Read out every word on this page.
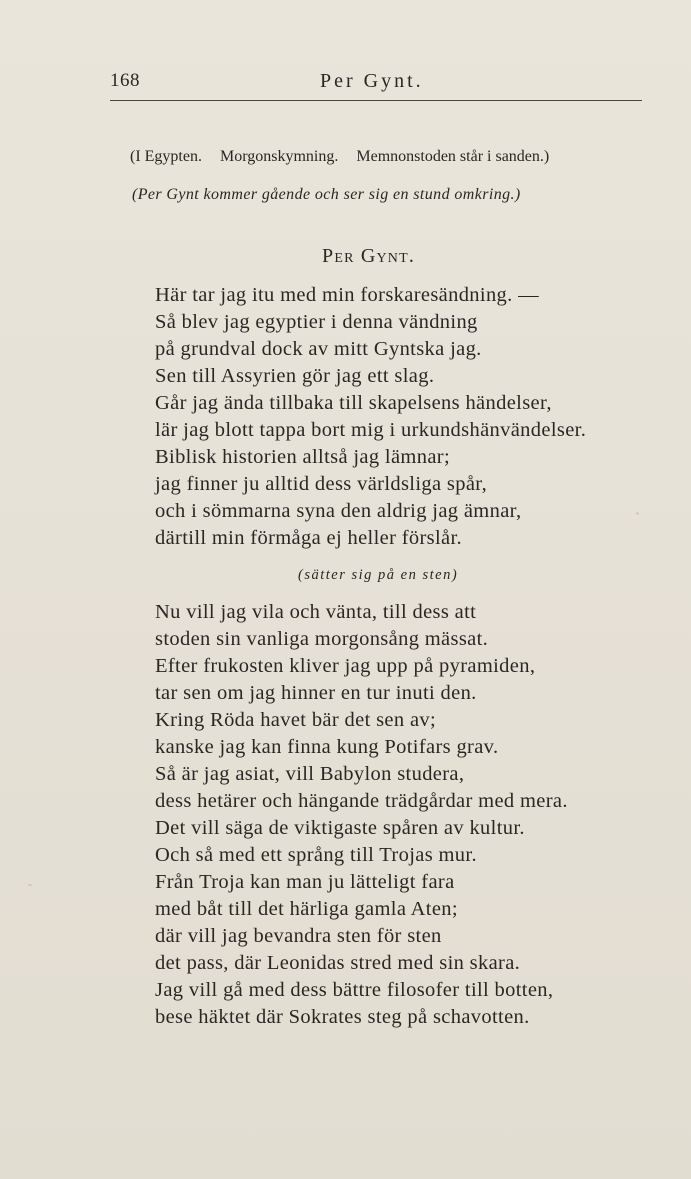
168	Per Gynt.
(I Egypten. Morgonskymning. Memnonstoden står i sanden.)
(Per Gynt kommer gående och ser sig en stund omkring.)
Per Gynt.
Här tar jag itu med min forskaresändning. —
Så blev jag egyptier i denna vändning
på grundval dock av mitt Gyntska jag.
Sen till Assyrien gör jag ett slag.
Går jag ända tillbaka till skapelsens händelser,
lär jag blott tappa bort mig i urkundshänvändelser.
Biblisk historien alltså jag lämnar;
jag finner ju alltid dess världsliga spår,
och i sömmarna syna den aldrig jag ämnar,
därtill min förmåga ej heller förslår.
(sätter sig på en sten)
Nu vill jag vila och vänta, till dess att
stoden sin vanliga morgonsång mässat.
Efter frukosten kliver jag upp på pyramiden,
tar sen om jag hinner en tur inuti den.
Kring Röda havet bär det sen av;
kanske jag kan finna kung Potifars grav.
Så är jag asiat, vill Babylon studera,
dess hetärer och hängande trädgårdar med mera.
Det vill säga de viktigaste spåren av kultur.
Och så med ett språng till Trojas mur.
Från Troja kan man ju lätteligt fara
med båt till det härliga gamla Aten;
där vill jag bevandra sten för sten
det pass, där Leonidas stred med sin skara.
Jag vill gå med dess bättre filosofer till botten,
bese häktet där Sokrates steg på schavotten.
